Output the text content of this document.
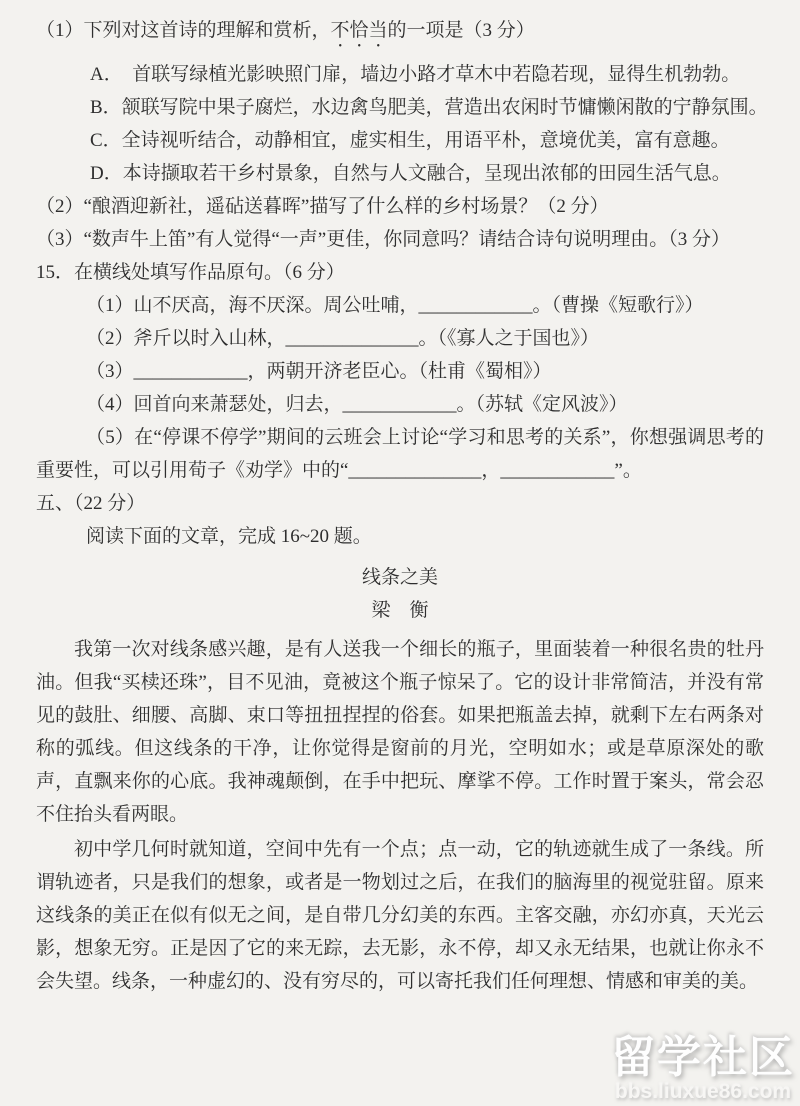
（1）下列对这首诗的理解和赏析，不恰当的一项是（3 分）
A．　首联写绿植光影映照门扉，墙边小路才草木中若隐若现，显得生机勃勃。
B．颔联写院中果子腐烂，水边禽鸟肥美，营造出农闲时节慵懒闲散的宁静氛围。
C．全诗视听结合，动静相宜，虚实相生，用语平朴，意境优美，富有意趣。
D．本诗撷取若干乡村景象，自然与人文融合，呈现出浓郁的田园生活气息。
（2）“酿酒迎新社，遥砧送暮晖”描写了什么样的乡村场景？（2 分）
（3）“数声牛上笛”有人觉得“一声”更佳，你同意吗？请结合诗句说明理由。（3 分）
15．在横线处填写作品原句。（6 分）
（1）山不厌高，海不厌深。周公吐哺，____________。（曹操《短歌行》）
（2）斧斤以时入山林，______________。（《寡人之于国也》）
（3）____________，两朝开济老臣心。（杜甫《蜀相》）
（4）回首向来萧瑟处，归去，____________。（苏轼《定风波》）
（5）在“停课不停学”期间的云班会上讨论“学习和思考的关系”，你想强调思考的重要性，可以引用荀子《劝学》中的“______________，____________”。
五、（22 分）
阅读下面的文章，完成 16~20 题。
线条之美
梁　衡
我第一次对线条感兴趣，是有人送我一个细长的瓶子，里面装着一种很名贵的牡丹油。但我“买椟还珠”，目不见油，竟被这个瓶子惊呆了。它的设计非常简洁，并没有常见的鼓肚、细腰、高脚、束口等扭扭捏捏的俗套。如果把瓶盖去掉，就剩下左右两条对称的弧线。但这线条的干净，让你觉得是窗前的月光，空明如水；或是草原深处的歌声，直飘来你的心底。我神魂颠倒，在手中把玩、摩挲不停。工作时置于案头，常会忍不住抬头看两眼。
初中学几何时就知道，空间中先有一个点；点一动，它的轨迹就生成了一条线。所谓轨迹者，只是我们的想象，或者是一物划过之后，在我们的脑海里的视觉驻留。原来这线条的美正在似有似无之间，是自带几分幻美的东西。主客交融，亦幻亦真，天光云影，想象无穷。正是因了它的来无踪，去无影，永不停，却又永无结果，也就让你永不会失望。线条，一种虚幻的、没有穷尽的，可以寄托我们任何理想、情感和审美的美。
留学社区
bbs.liuxue86.com
